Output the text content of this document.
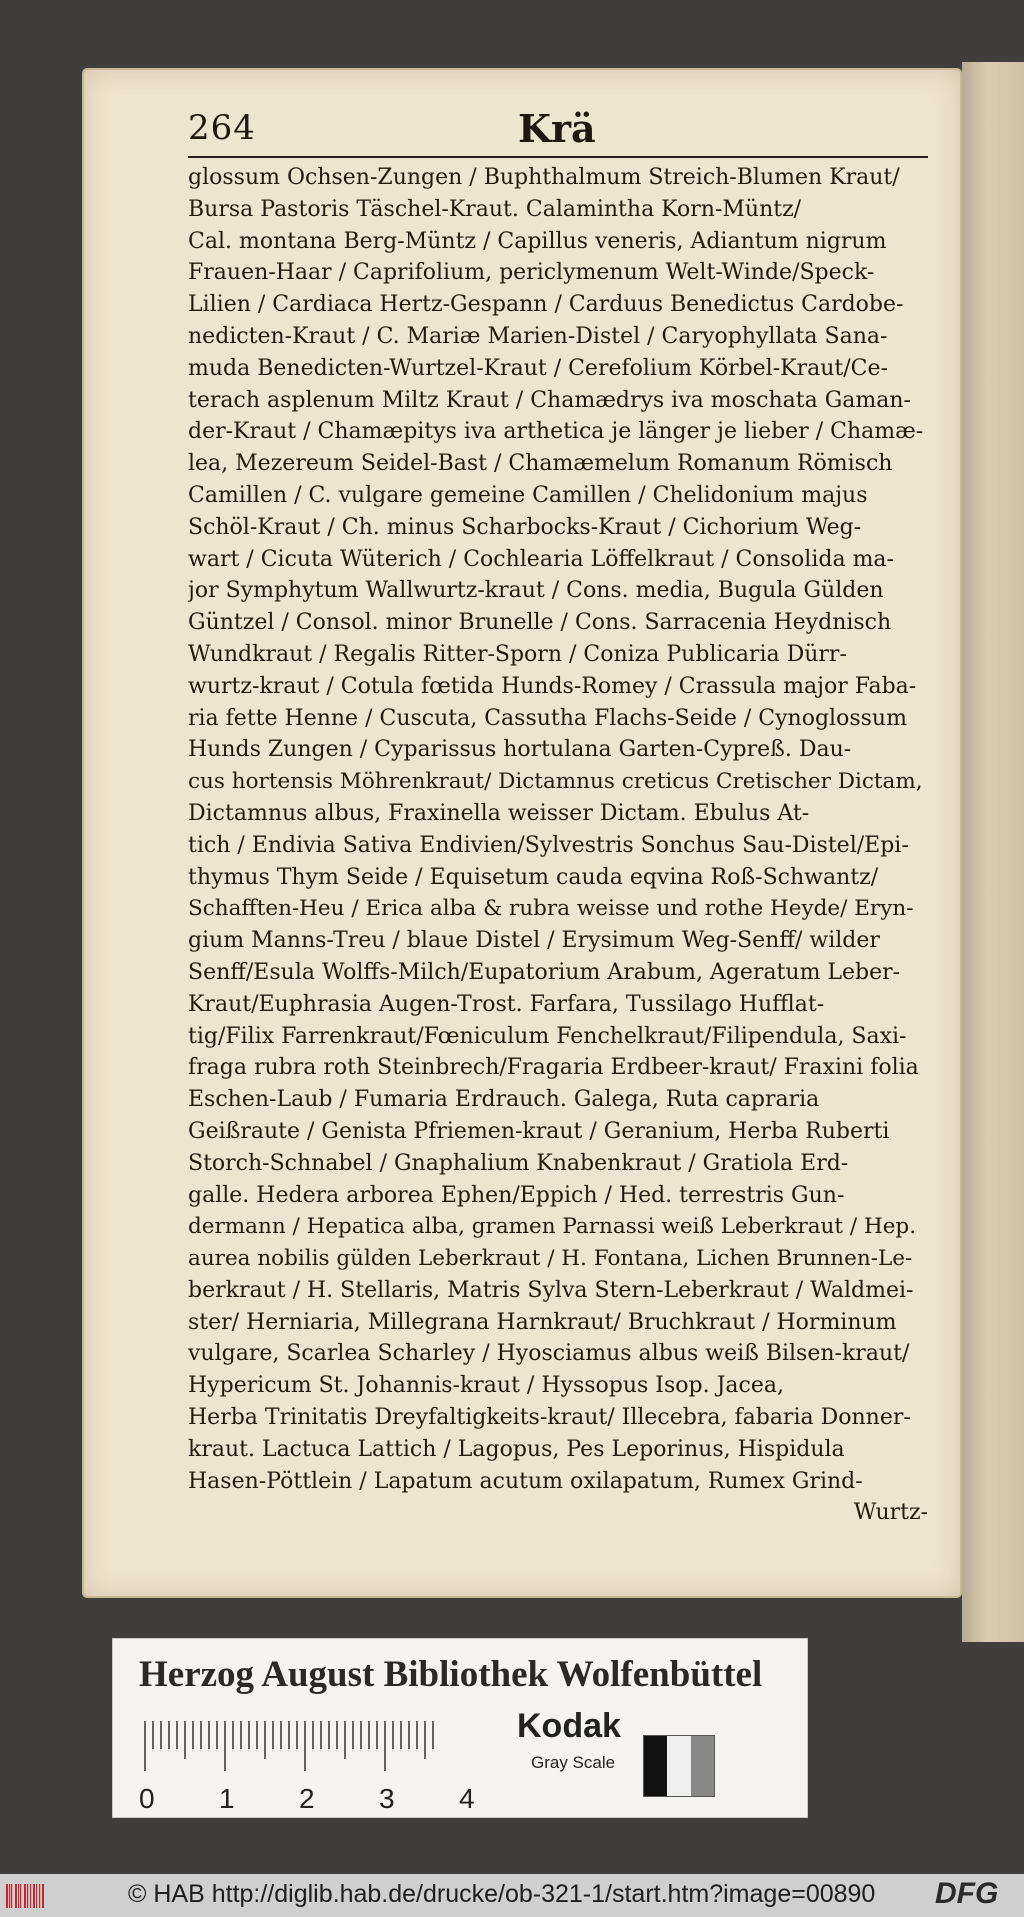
264	Krä
glossum Ochsen-Zungen / Buphthalmum Streich-Blumen Kraut/
Bursa Pastoris Täschel-Kraut. Calamintha Korn-Müntz/
Cal. montana Berg-Müntz / Capillus veneris, Adiantum nigrum
Frauen-Haar / Caprifolium, periclymenum Welt-Winde/Speck-
Lilien / Cardiaca Hertz-Gespann / Carduus Benedictus Cardobe-
nedicten-Kraut / C. Mariæ Marien-Distel / Caryophyllata Sana-
muda Benedicten-Wurtzel-Kraut / Cerefolium Körbel-Kraut/Ce-
terach asplenum Miltz Kraut / Chamædrys iva moschata Gaman-
der-Kraut / Chamæpitys iva arthetica je länger je lieber / Chamæ-
lea, Mezereum Seidel-Bast / Chamæmelum Romanum Römisch
Camillen / C. vulgare gemeine Camillen / Chelidonium majus
Schöl-Kraut / Ch. minus Scharbocks-Kraut / Cichorium Weg-
wart / Cicuta Wüterich / Cochlearia Löffelkraut / Consolida ma-
jor Symphytum Wallwurtz-kraut / Cons. media, Bugula Gülden
Güntzel / Consol. minor Brunelle / Cons. Sarracenia Heydnisch
Wundkraut / Regalis Ritter-Sporn / Coniza Publicaria Dürr-
wurtz-kraut / Cotula fœtida Hunds-Romey / Crassula major Faba-
ria fette Henne / Cuscuta, Cassutha Flachs-Seide / Cynoglossum
Hunds Zungen / Cyparissus hortulana Garten-Cypreß. Dau-
cus hortensis Möhrenkraut/ Dictamnus creticus Cretischer Dictam,
Dictamnus albus, Fraxinella weisser Dictam. Ebulus At-
tich / Endivia Sativa Endivien/Sylvestris Sonchus Sau-Distel/Epi-
thymus Thym Seide / Equisetum cauda eqvina Roß-Schwantz/
Schafften-Heu / Erica alba & rubra weisse und rothe Heyde/ Eryn-
gium Manns-Treu / blaue Distel / Erysimum Weg-Senff/ wilder
Senff/Esula Wolffs-Milch/Eupatorium Arabum, Ageratum Leber-
Kraut/Euphrasia Augen-Trost. Farfara, Tussilago Hufflat-
tig/Filix Farrenkraut/Fœniculum Fenchelkraut/Filipendula, Saxi-
fraga rubra roth Steinbrech/Fragaria Erdbeer-kraut/ Fraxini folia
Eschen-Laub / Fumaria Erdrauch. Galega, Ruta capraria
Geißraute / Genista Pfriemen-kraut / Geranium, Herba Ruberti
Storch-Schnabel / Gnaphalium Knabenkraut / Gratiola Erd-
galle. Hedera arborea Ephen/Eppich / Hed. terrestris Gun-
dermann / Hepatica alba, gramen Parnassi weiß Leberkraut / Hep.
aurea nobilis gülden Leberkraut / H. Fontana, Lichen Brunnen-Le-
berkraut / H. Stellaris, Matris Sylva Stern-Leberkraut / Waldmei-
ster/ Herniaria, Millegrana Harnkraut/ Bruchkraut / Horminum
vulgare, Scarlea Scharley / Hyosciamus albus weiß Bilsen-kraut/
Hypericum St. Johannis-kraut / Hyssopus Isop. Jacea,
Herba Trinitatis Dreyfaltigkeits-kraut/ Illecebra, fabaria Donner-
kraut. Lactuca Lattich / Lagopus, Pes Leporinus, Hispidula
Hasen-Pöttlein / Lapatum acutum oxilapatum, Rumex Grind-
Wurtz-
Herzog August Bibliothek Wolfenbüttel
0 1 2 3 4
Kodak
Gray Scale
© HAB http://diglib.hab.de/drucke/ob-321-1/start.htm?image=00890 DFG
